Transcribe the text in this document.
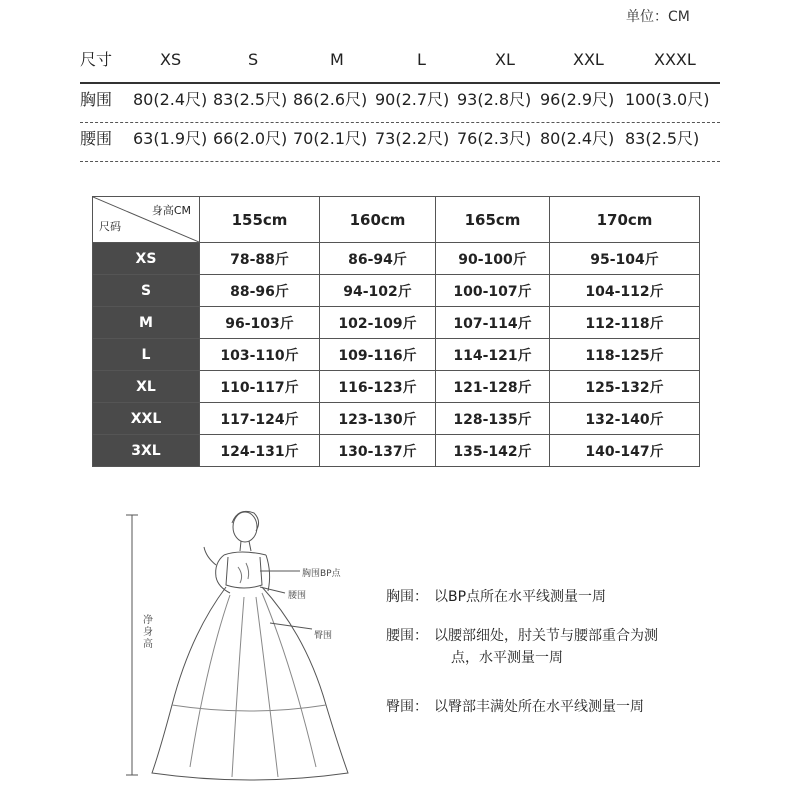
单位：CM
尺寸	XS	S	M	L	XL	XXL	XXXL
胸围 80(2.4尺) 83(2.5尺) 86(2.6尺) 90(2.7尺) 93(2.8尺) 96(2.9尺) 100(3.0尺)
腰围 63(1.9尺) 66(2.0尺) 70(2.1尺) 73(2.2尺) 76(2.3尺) 80(2.4尺) 83(2.5尺)
身高CM
尺码	155cm	160cm	165cm	170cm
XS	78-88斤	86-94斤	90-100斤	95-104斤
S	88-96斤	94-102斤	100-107斤	104-112斤
M	96-103斤	102-109斤	107-114斤	112-118斤
L	103-110斤	109-116斤	114-121斤	118-125斤
XL	110-117斤	116-123斤	121-128斤	125-132斤
XXL	117-124斤	123-130斤	128-135斤	132-140斤
3XL	124-131斤	130-137斤	135-142斤	140-147斤
胸围BP点
腰围
臀围
净身高
胸围： 以BP点所在水平线测量一周
腰围： 以腰部细处，肘关节与腰部重合为测
点，水平测量一周
臀围： 以臀部丰满处所在水平线测量一周
